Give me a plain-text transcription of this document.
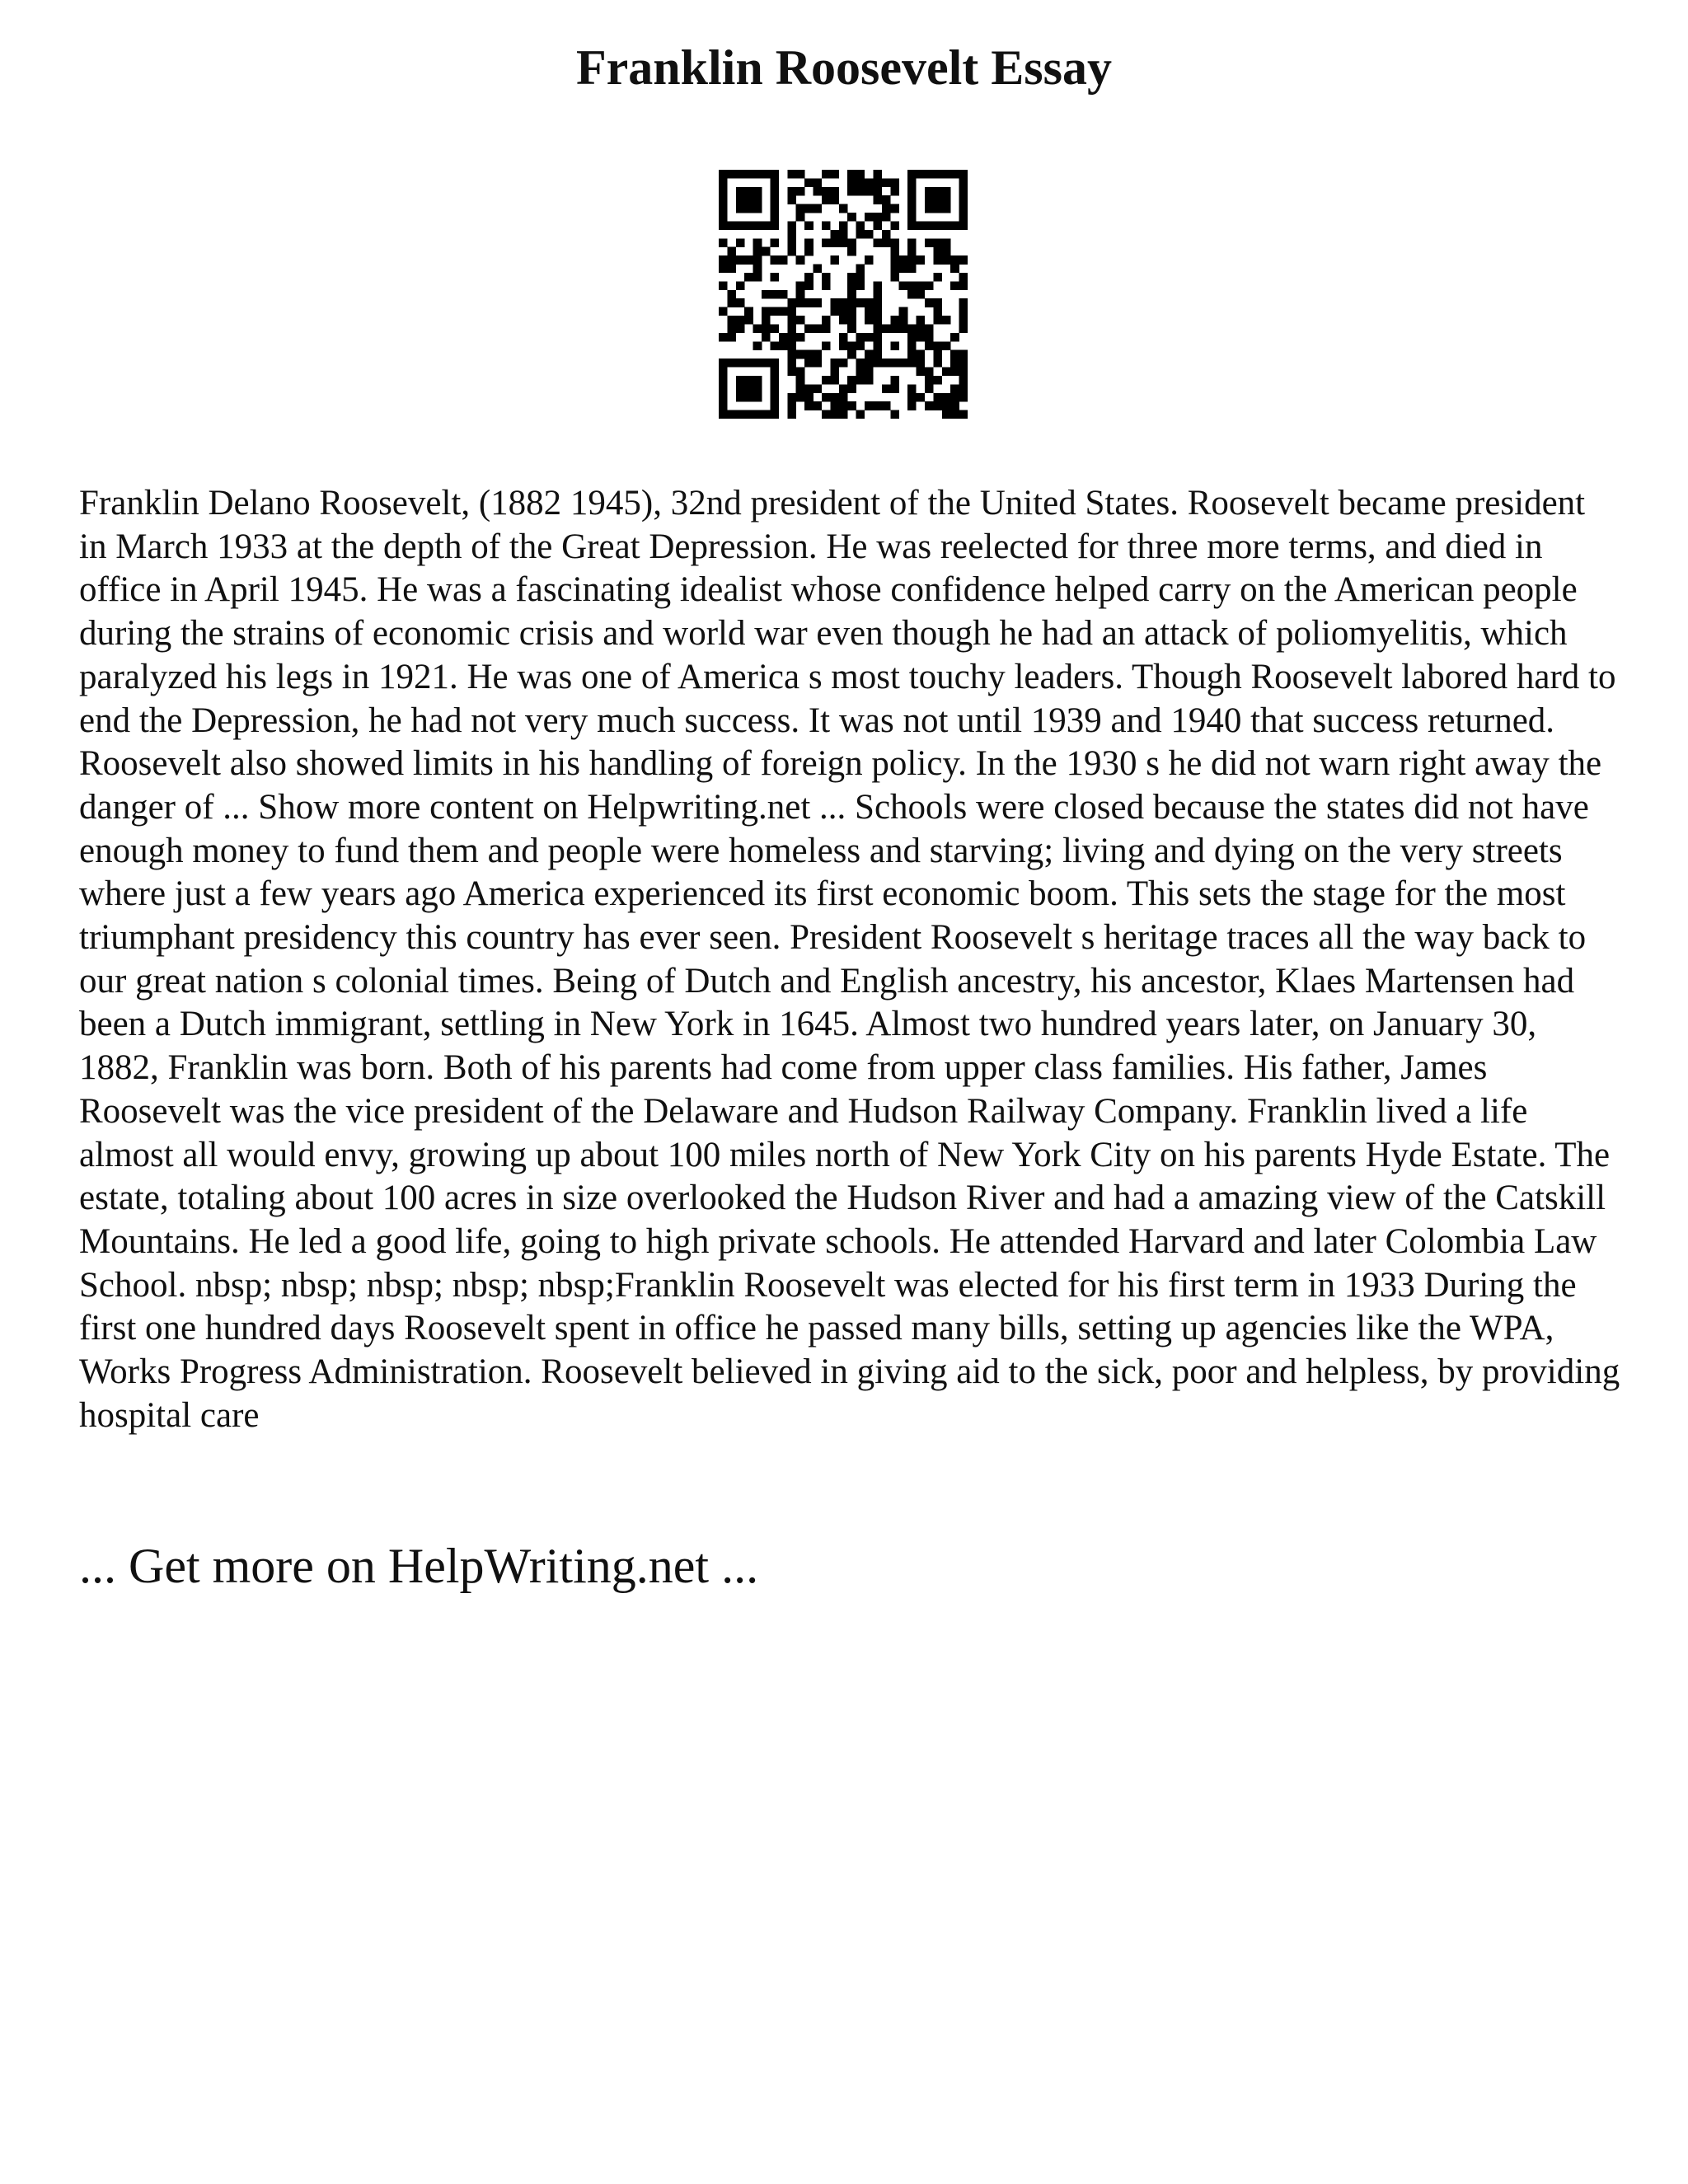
Franklin Roosevelt Essay

Franklin Delano Roosevelt, (1882 1945), 32nd president of the United States. Roosevelt became president in March 1933 at the depth of the Great Depression. He was reelected for three more terms, and died in office in April 1945. He was a fascinating idealist whose confidence helped carry on the American people during the strains of economic crisis and world war even though he had an attack of poliomyelitis, which paralyzed his legs in 1921. He was one of America s most touchy leaders. Though Roosevelt labored hard to end the Depression, he had not very much success. It was not until 1939 and 1940 that success returned. Roosevelt also showed limits in his handling of foreign policy. In the 1930 s he did not warn right away the danger of ... Show more content on Helpwriting.net ... Schools were closed because the states did not have enough money to fund them and people were homeless and starving; living and dying on the very streets where just a few years ago America experienced its first economic boom. This sets the stage for the most triumphant presidency this country has ever seen. President Roosevelt s heritage traces all the way back to our great nation s colonial times. Being of Dutch and English ancestry, his ancestor, Klaes Martensen had been a Dutch immigrant, settling in New York in 1645. Almost two hundred years later, on January 30, 1882, Franklin was born. Both of his parents had come from upper class families. His father, James Roosevelt was the vice president of the Delaware and Hudson Railway Company. Franklin lived a life almost all would envy, growing up about 100 miles north of New York City on his parents Hyde Estate. The estate, totaling about 100 acres in size overlooked the Hudson River and had a amazing view of the Catskill Mountains. He led a good life, going to high private schools. He attended Harvard and later Colombia Law School. nbsp; nbsp; nbsp; nbsp; nbsp;Franklin Roosevelt was elected for his first term in 1933 During the first one hundred days Roosevelt spent in office he passed many bills, setting up agencies like the WPA, Works Progress Administration. Roosevelt believed in giving aid to the sick, poor and helpless, by providing hospital care

... Get more on HelpWriting.net ...
